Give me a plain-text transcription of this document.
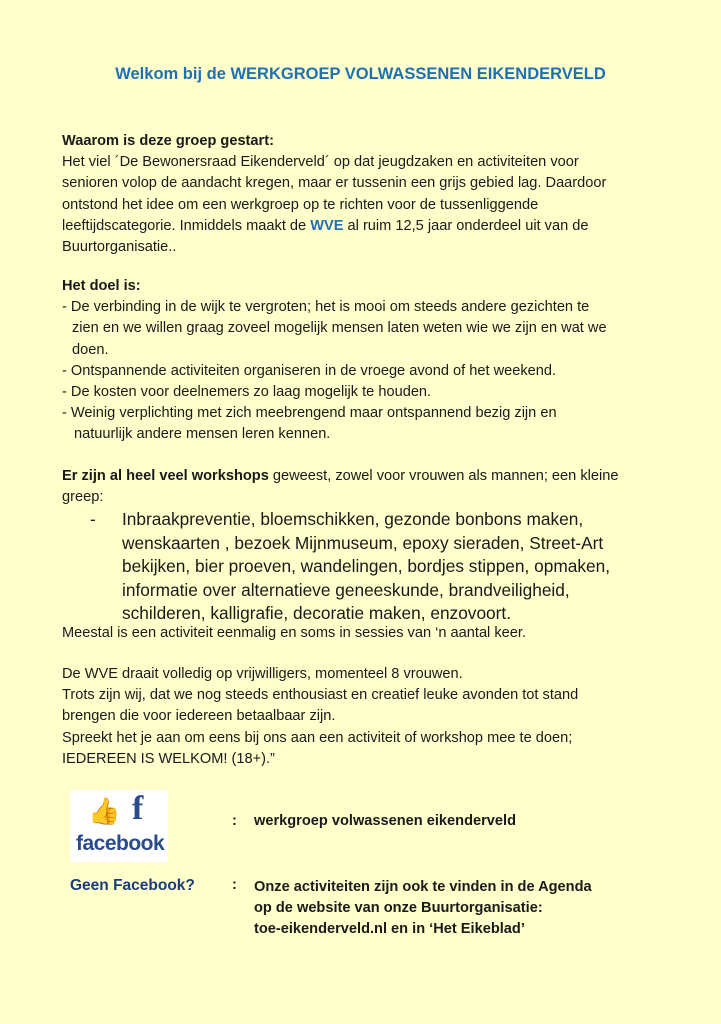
Welkom bij de WERKGROEP VOLWASSENEN EIKENDERVELD
Waarom is deze groep gestart:
Het viel ´De Bewonersraad Eikenderveld´ op dat jeugdzaken en activiteiten voor
senioren volop de aandacht kregen, maar er tussenin een grijs gebied lag. Daardoor
ontstond het idee om een werkgroep op te richten voor de tussenliggende
leeftijdscategorie. Inmiddels maakt de WVE al ruim 12,5 jaar onderdeel uit van de
Buurtorganisatie..
Het doel is:
- De verbinding in de wijk te vergroten; het is mooi om steeds andere gezichten te
zien en we willen graag zoveel mogelijk mensen laten weten wie we zijn en wat we
doen.
- Ontspannende activiteiten organiseren in de vroege avond of het weekend.
- De kosten voor deelnemers zo laag mogelijk te houden.
- Weinig verplichting met zich meebrengend maar ontspannend bezig zijn en
natuurlijk andere mensen leren kennen.
Er zijn al heel veel workshops geweest, zowel voor vrouwen als mannen; een kleine
greep:
- Inbraakpreventie, bloemschikken, gezonde bonbons maken,
wenskaarten , bezoek Mijnmuseum, epoxy sieraden, Street-Art
bekijken, bier proeven, wandelingen, bordjes stippen, opmaken,
informatie over alternatieve geneeskunde, brandveiligheid,
schilderen, kalligrafie, decoratie maken, enzovoort.
Meestal is een activiteit eenmalig en soms in sessies van ‘n aantal keer.
De WVE draait volledig op vrijwilligers, momenteel 8 vrouwen.
Trots zijn wij, dat we nog steeds enthousiast en creatief leuke avonden tot stand
brengen die voor iedereen betaalbaar zijn.
Spreekt het je aan om eens bij ons aan een activiteit of workshop mee te doen;
IEDEREEN IS WELKOM! (18+).”
👍 f
facebook
: werkgroep volwassenen eikenderveld
Geen Facebook?	: Onze activiteiten zijn ook te vinden in de Agenda
op de website van onze Buurtorganisatie:
toe-eikenderveld.nl en in ‘Het Eikeblad’
